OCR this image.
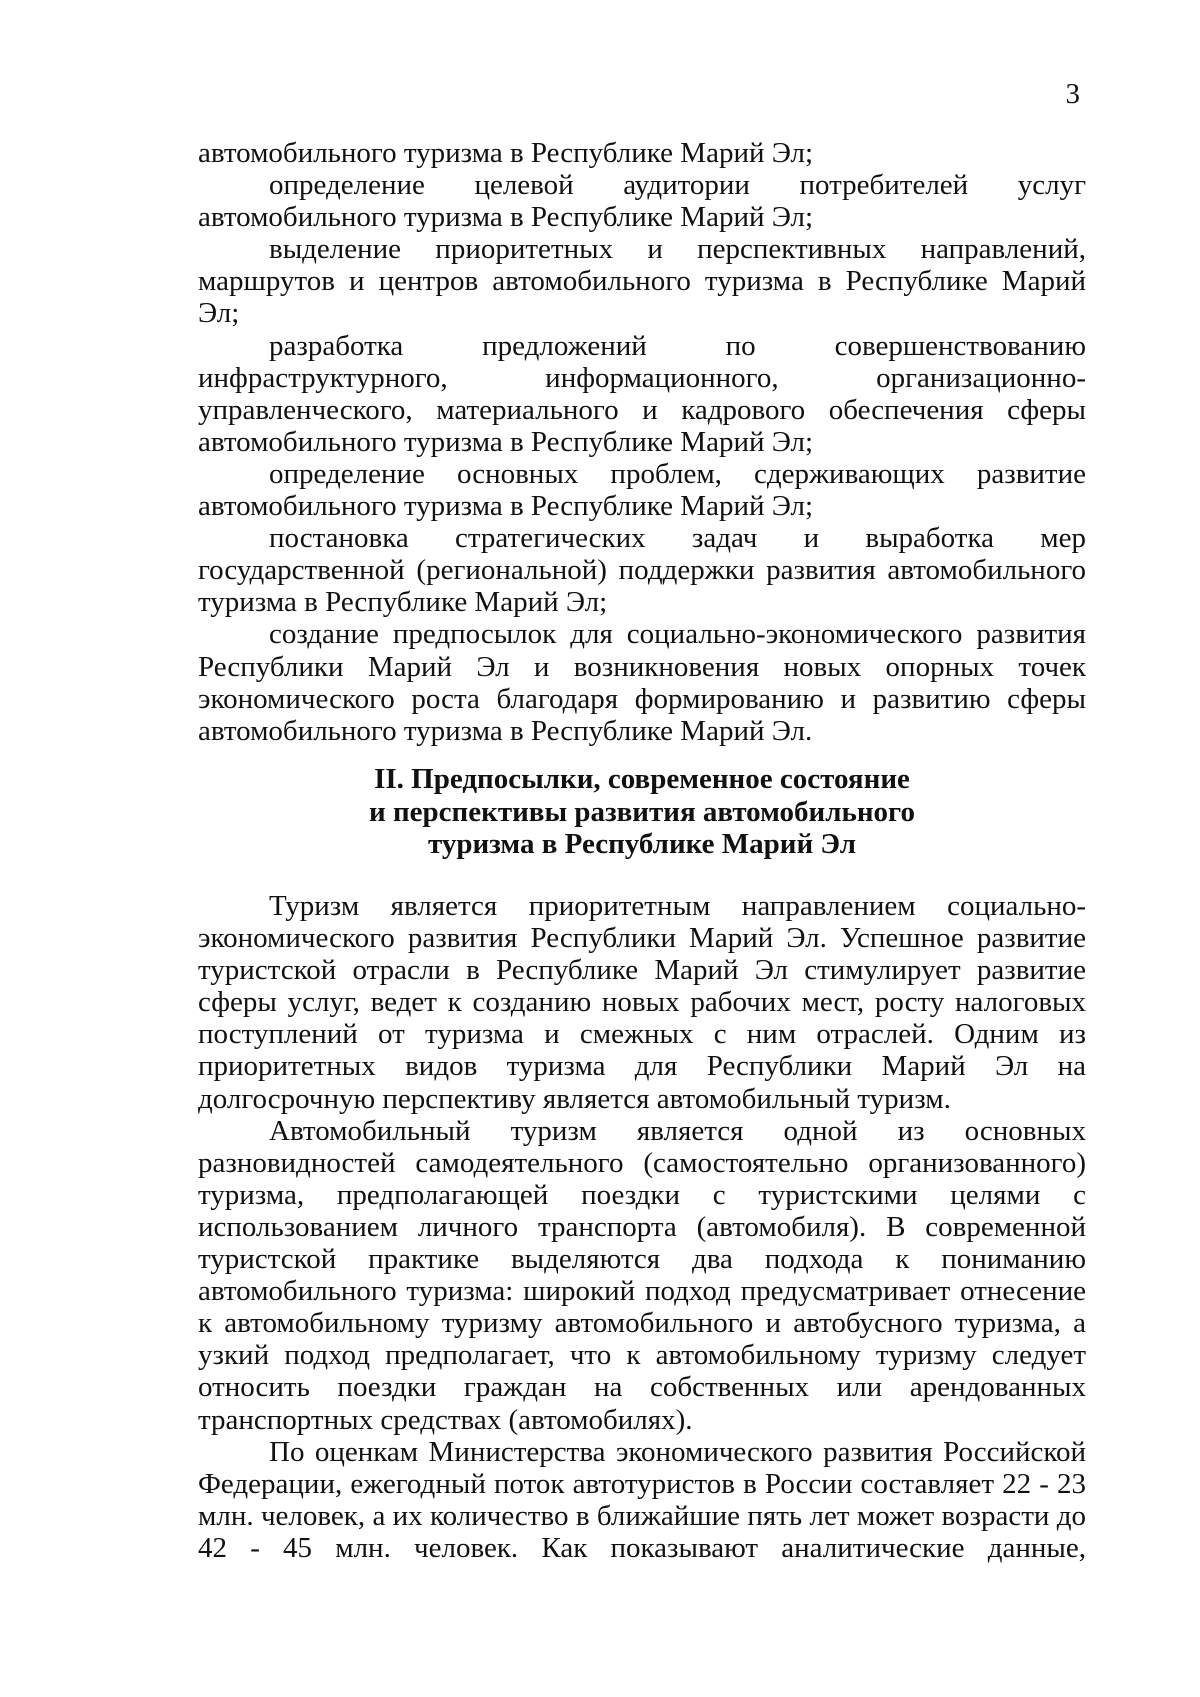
3

автомобильного туризма в Республике Марий Эл;

определение целевой аудитории потребителей услуг автомобильного туризма в Республике Марий Эл;

выделение приоритетных и перспективных направлений, маршрутов и центров автомобильного туризма в Республике Марий Эл;

разработка предложений по совершенствованию инфраструктурного, информационного, организационно-управленческого, материального и кадрового обеспечения сферы автомобильного туризма в Республике Марий Эл;

определение основных проблем, сдерживающих развитие автомобильного туризма в Республике Марий Эл;

постановка стратегических задач и выработка мер государственной (региональной) поддержки развития автомобильного туризма в Республике Марий Эл;

создание предпосылок для социально-экономического развития Республики Марий Эл и возникновения новых опорных точек экономического роста благодаря формированию и развитию сферы автомобильного туризма в Республике Марий Эл.

II. Предпосылки, современное состояние
и перспективы развития автомобильного
туризма в Республике Марий Эл

Туризм является приоритетным направлением социально-экономического развития Республики Марий Эл. Успешное развитие туристской отрасли в Республике Марий Эл стимулирует развитие сферы услуг, ведет к созданию новых рабочих мест, росту налоговых поступлений от туризма и смежных с ним отраслей. Одним из приоритетных видов туризма для Республики Марий Эл на долгосрочную перспективу является автомобильный туризм.

Автомобильный туризм является одной из основных разновидностей самодеятельного (самостоятельно организованного) туризма, предполагающей поездки с туристскими целями с использованием личного транспорта (автомобиля). В современной туристской практике выделяются два подхода к пониманию автомобильного туризма: широкий подход предусматривает отнесение к автомобильному туризму автомобильного и автобусного туризма, а узкий подход предполагает, что к автомобильному туризму следует относить поездки граждан на собственных или арендованных транспортных средствах (автомобилях).

По оценкам Министерства экономического развития Российской Федерации, ежегодный поток автотуристов в России составляет 22 - 23 млн. человек, а их количество в ближайшие пять лет может возрасти до 42 - 45 млн. человек. Как показывают аналитические данные,
